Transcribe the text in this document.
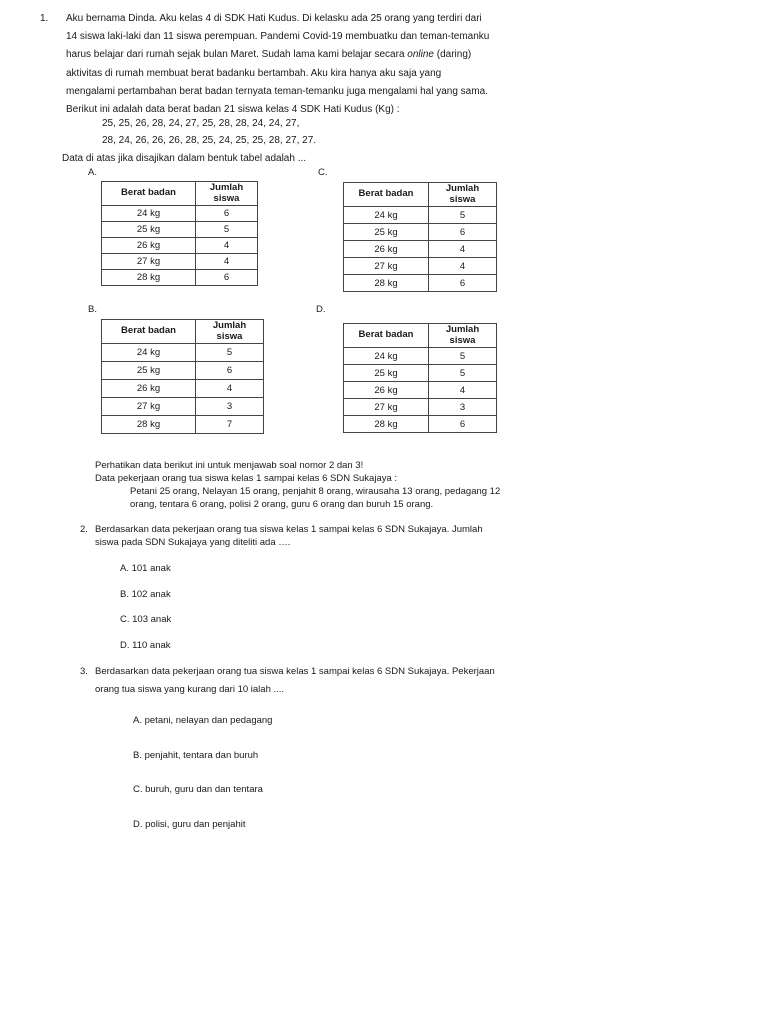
1. Aku bernama Dinda. Aku kelas 4 di SDK Hati Kudus. Di kelasku ada 25 orang yang terdiri dari
14 siswa laki-laki dan 11 siswa perempuan. Pandemi Covid-19 membuatku dan teman-temanku
harus belajar dari rumah sejak bulan Maret. Sudah lama kami belajar secara online (daring)
aktivitas di rumah membuat berat badanku bertambah. Aku kira hanya aku saja yang
mengalami pertambahan berat badan ternyata teman-temanku juga mengalami hal yang sama.
Berikut ini adalah data berat badan 21 siswa kelas 4 SDK Hati Kudus (Kg) :
25, 25, 26, 28, 24, 27, 25, 28, 28, 24, 24, 27,
28, 24, 26, 26, 26, 28, 25, 24, 25, 25, 28, 27, 27.
Data di atas jika disajikan dalam bentuk tabel adalah ...
A.	C.
B.	D.
Berat badan	Jumlah
siswa

24 kg	6
25 kg	5
26 kg	4
27 kg	4
28 kg	6
Berat badan	Jumlah
siswa

24 kg	5
25 kg	6
26 kg	4
27 kg	4
28 kg	6
Berat badan	Jumlah
siswa

24 kg	5
25 kg	6
26 kg	4
27 kg	3
28 kg	7
Berat badan	Jumlah
siswa

24 kg	5
25 kg	5
26 kg	4
27 kg	3
28 kg	6
Perhatikan data berikut ini untuk menjawab soal nomor 2 dan 3!
Data pekerjaan orang tua siswa kelas 1 sampai kelas 6 SDN Sukajaya :
Petani 25 orang, Nelayan 15 orang, penjahit 8 orang, wirausaha 13 orang, pedagang 12
orang, tentara 6 orang, polisi 2 orang, guru 6 orang dan buruh 15 orang.
2. Berdasarkan data pekerjaan orang tua siswa kelas 1 sampai kelas 6 SDN Sukajaya. Jumlah
siswa pada SDN Sukajaya yang diteliti ada ….
A. 101 anak
B. 102 anak
C. 103 anak
D. 110 anak
3. Berdasarkan data pekerjaan orang tua siswa kelas 1 sampai kelas 6 SDN Sukajaya. Pekerjaan
orang tua siswa yang kurang dari 10 ialah ....
A. petani, nelayan dan pedagang
B. penjahit, tentara dan buruh
C. buruh, guru dan dan tentara
D. polisi, guru dan penjahit
